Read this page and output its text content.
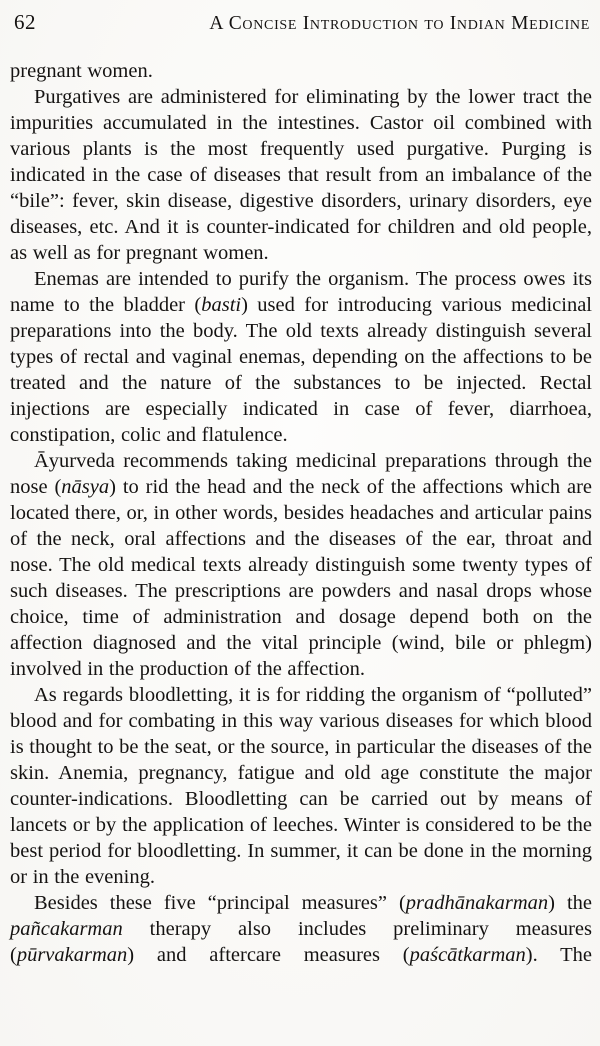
62	A Concise Introduction to Indian Medicine

pregnant women.

Purgatives are administered for eliminating by the lower tract the impurities accumulated in the intestines. Castor oil combined with various plants is the most frequently used purgative. Purging is indicated in the case of diseases that result from an imbalance of the “bile”: fever, skin disease, digestive disorders, urinary disorders, eye diseases, etc. And it is counter-indicated for children and old people, as well as for pregnant women.

Enemas are intended to purify the organism. The process owes its name to the bladder (basti) used for introducing various medicinal preparations into the body. The old texts already distinguish several types of rectal and vaginal enemas, depending on the affections to be treated and the nature of the substances to be injected. Rectal injections are especially indicated in case of fever, diarrhoea, constipation, colic and flatulence.

Āyurveda recommends taking medicinal preparations through the nose (nāsya) to rid the head and the neck of the affections which are located there, or, in other words, besides headaches and articular pains of the neck, oral affections and the diseases of the ear, throat and nose. The old medical texts already distinguish some twenty types of such diseases. The prescriptions are powders and nasal drops whose choice, time of administration and dosage depend both on the affection diagnosed and the vital principle (wind, bile or phlegm) involved in the production of the affection.

As regards bloodletting, it is for ridding the organism of “polluted” blood and for combating in this way various diseases for which blood is thought to be the seat, or the source, in particular the diseases of the skin. Anemia, pregnancy, fatigue and old age constitute the major counter-indications. Bloodletting can be carried out by means of lancets or by the application of leeches. Winter is considered to be the best period for bloodletting. In summer, it can be done in the morning or in the evening.

Besides these five “principal measures” (pradhānakarman) the pañcakarman therapy also includes preliminary measures (pūrvakarman) and aftercare measures (paścātkarman). The
